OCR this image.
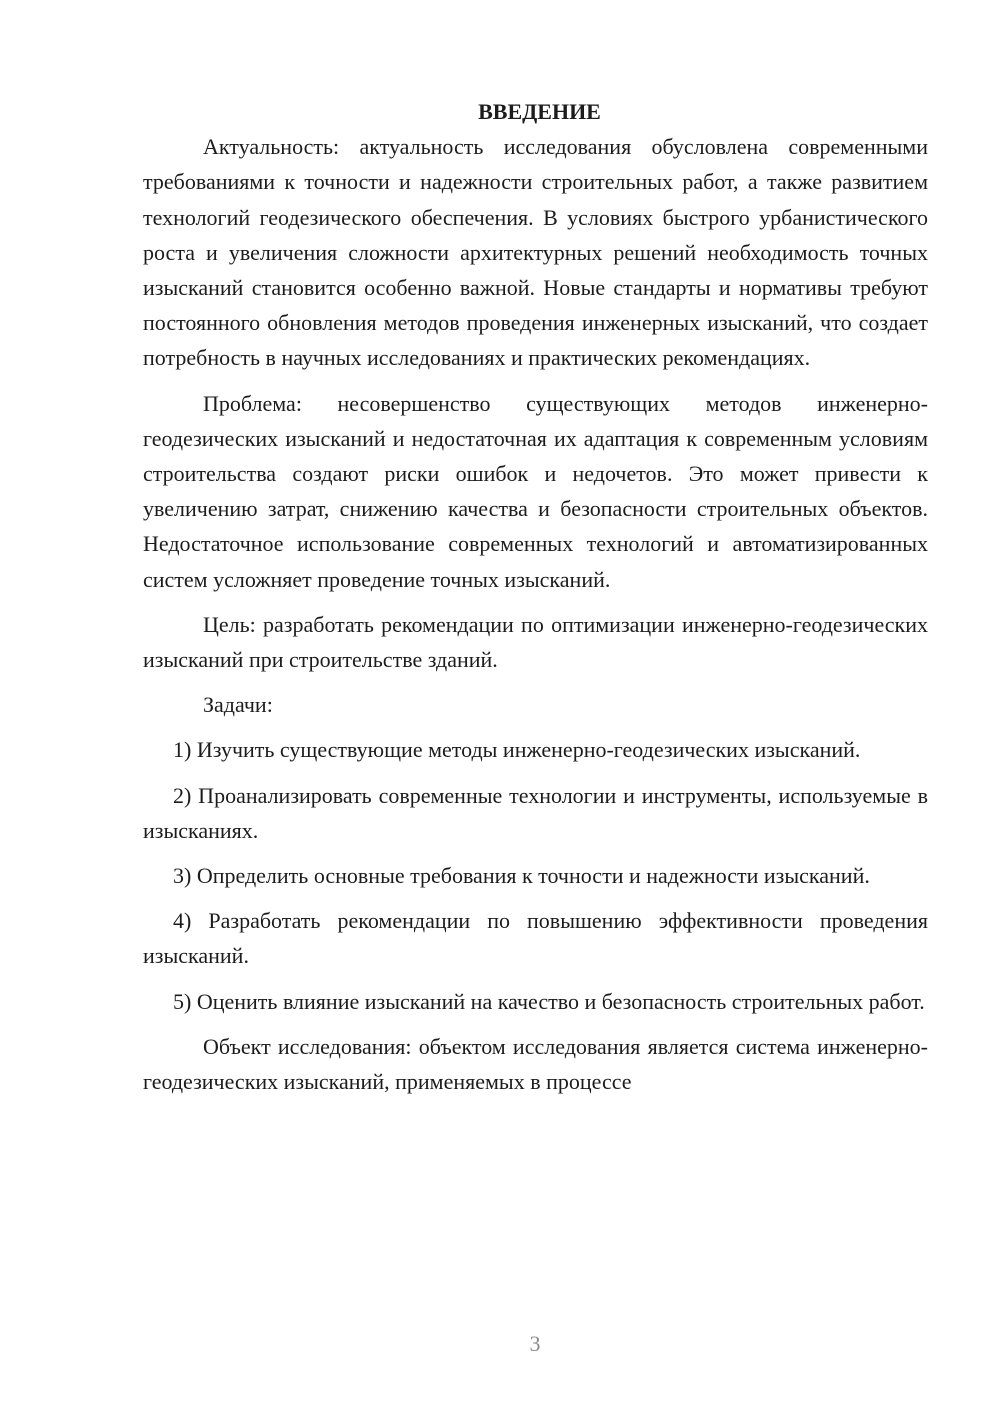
ВВЕДЕНИЕ

Актуальность: актуальность исследования обусловлена современными требованиями к точности и надежности строительных работ, а также развитием технологий геодезического обеспечения. В условиях быстрого урбанистического роста и увеличения сложности архитектурных решений необходимость точных изысканий становится особенно важной. Новые стандарты и нормативы требуют постоянного обновления методов проведения инженерных изысканий, что создает потребность в научных исследованиях и практических рекомендациях.

Проблема: несовершенство существующих методов инженерно-геодезических изысканий и недостаточная их адаптация к современным условиям строительства создают риски ошибок и недочетов. Это может привести к увеличению затрат, снижению качества и безопасности строительных объектов. Недостаточное использование современных технологий и автоматизированных систем усложняет проведение точных изысканий.

Цель: разработать рекомендации по оптимизации инженерно-геодезических изысканий при строительстве зданий.

Задачи:

1) Изучить существующие методы инженерно-геодезических изысканий.

2) Проанализировать современные технологии и инструменты, используемые в изысканиях.

3) Определить основные требования к точности и надежности изысканий.

4) Разработать рекомендации по повышению эффективности проведения изысканий.

5) Оценить влияние изысканий на качество и безопасность строительных работ.

Объект исследования: объектом исследования является система инженерно-геодезических изысканий, применяемых в процессе

3
